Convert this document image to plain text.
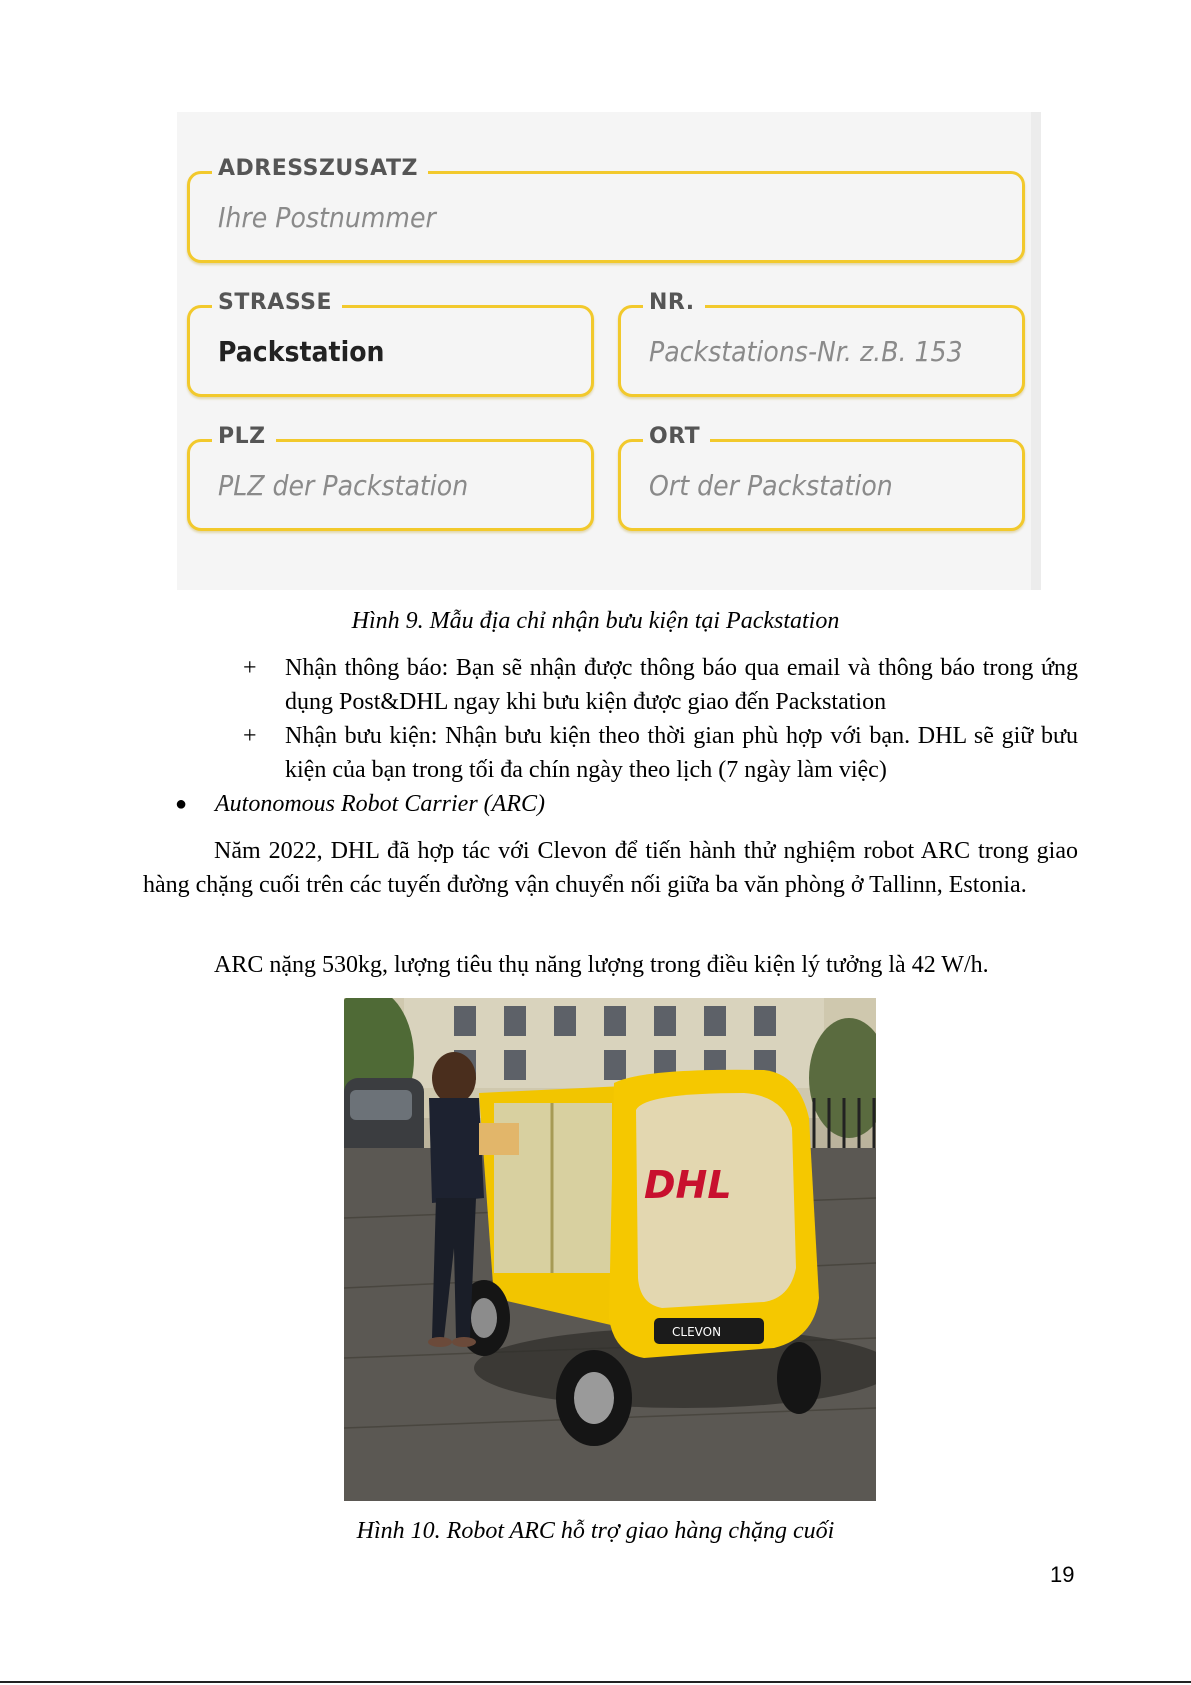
ADRESSZUSATZ
Ihre Postnummer
STRASSE
Packstation
NR.
Packstations-Nr. z.B. 153
PLZ
PLZ der Packstation
ORT
Ort der Packstation
Hình 9. Mẫu địa chỉ nhận bưu kiện tại Packstation
+	Nhận thông báo: Bạn sẽ nhận được thông báo qua email và thông báo trong ứng dụng Post&DHL ngay khi bưu kiện được giao đến Packstation
+	Nhận bưu kiện: Nhận bưu kiện theo thời gian phù hợp với bạn. DHL sẽ giữ bưu kiện của bạn trong tối đa chín ngày theo lịch (7 ngày làm việc)
●	Autonomous Robot Carrier (ARC)
Năm 2022, DHL đã hợp tác với Clevon để tiến hành thử nghiệm robot ARC trong giao hàng chặng cuối trên các tuyến đường vận chuyển nối giữa ba văn phòng ở Tallinn, Estonia.
ARC nặng 530kg, lượng tiêu thụ năng lượng trong điều kiện lý tưởng là 42 W/h.
DHL
CLEVON
Hình 10. Robot ARC hỗ trợ giao hàng chặng cuối
19
